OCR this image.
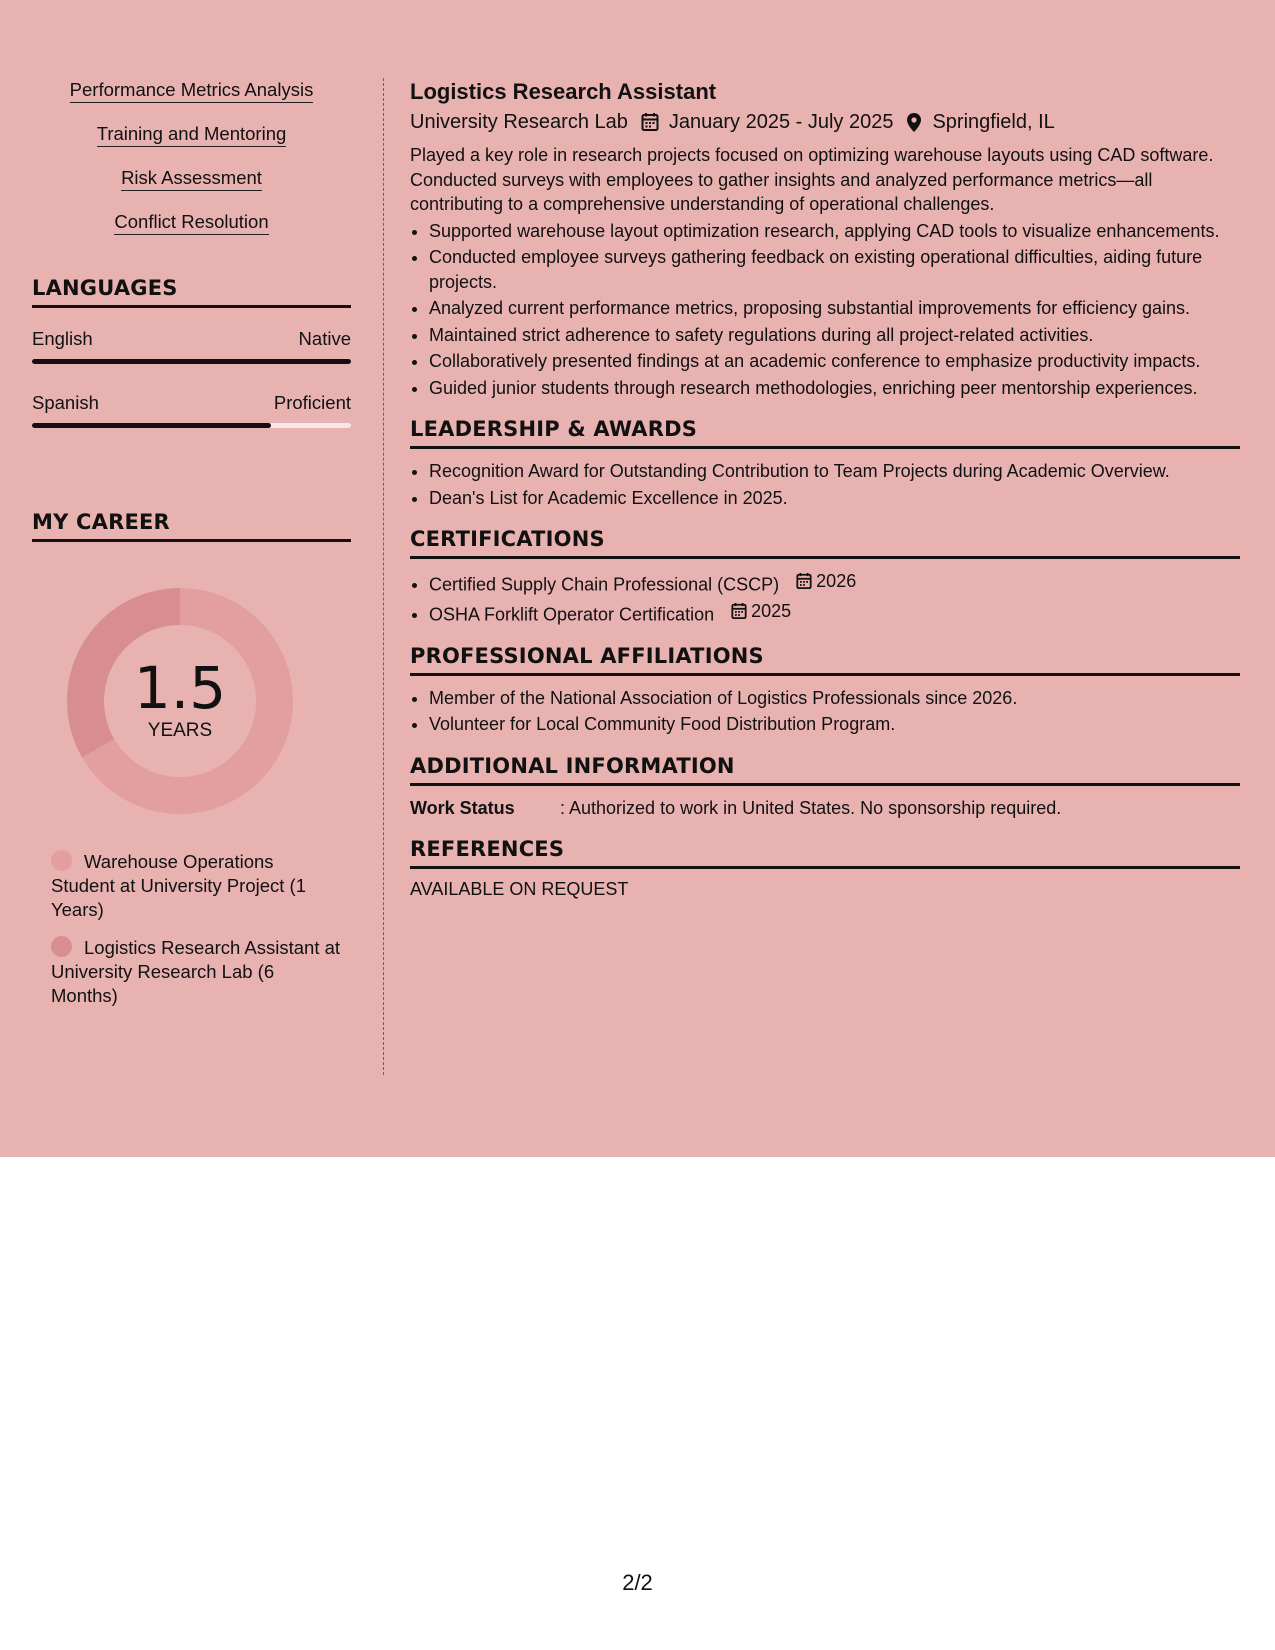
Performance Metrics Analysis
Training and Mentoring
Risk Assessment
Conflict Resolution
LANGUAGES
English	Native
Spanish	Proficient
MY CAREER
1.5
YEARS
Warehouse Operations Student at University Project (1 Years)
Logistics Research Assistant at University Research Lab (6 Months)
Logistics Research Assistant
University Research Lab January 2025 - July 2025 Springfield, IL

Played a key role in research projects focused on optimizing warehouse layouts using CAD software. Conducted surveys with employees to gather insights and analyzed performance metrics—all contributing to a comprehensive understanding of operational challenges.

• Supported warehouse layout optimization research, applying CAD tools to visualize enhancements.
• Conducted employee surveys gathering feedback on existing operational difficulties, aiding future projects.
• Analyzed current performance metrics, proposing substantial improvements for efficiency gains.
• Maintained strict adherence to safety regulations during all project-related activities.
• Collaboratively presented findings at an academic conference to emphasize productivity impacts.
• Guided junior students through research methodologies, enriching peer mentorship experiences.
LEADERSHIP & AWARDS
• Recognition Award for Outstanding Contribution to Team Projects during Academic Overview.
• Dean's List for Academic Excellence in 2025.
CERTIFICATIONS
• Certified Supply Chain Professional (CSCP) 2026
• OSHA Forklift Operator Certification 2025
PROFESSIONAL AFFILIATIONS
• Member of the National Association of Logistics Professionals since 2026.
• Volunteer for Local Community Food Distribution Program.
ADDITIONAL INFORMATION
Work Status	: Authorized to work in United States. No sponsorship required.
REFERENCES
AVAILABLE ON REQUEST
2/2
